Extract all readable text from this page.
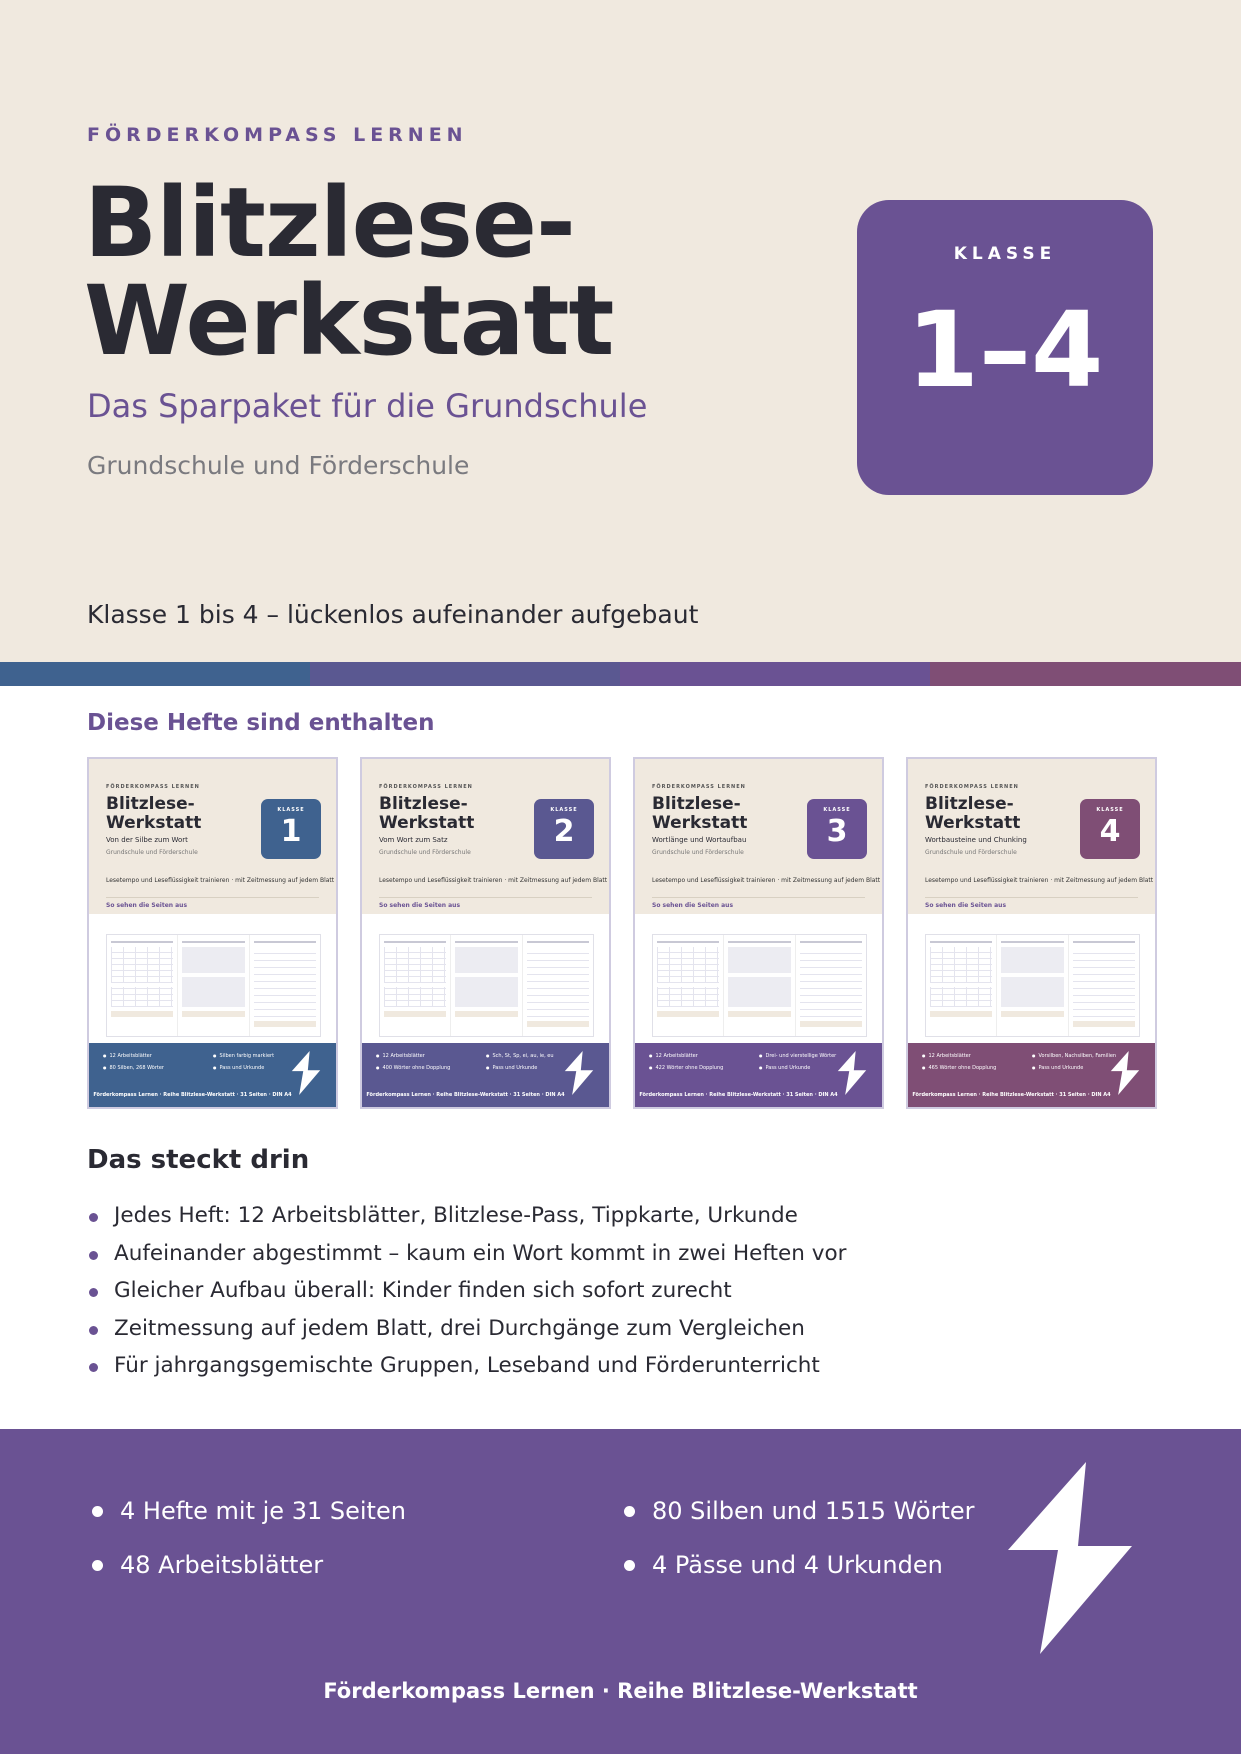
FÖRDERKOMPASS LERNEN
Blitzlese-
Werkstatt
Das Sparpaket für die Grundschule
Grundschule und Förderschule
Klasse 1 bis 4 – lückenlos aufeinander aufgebaut
KLASSE
1–4
Diese Hefte sind enthalten
FÖRDERKOMPASS LERNEN
Blitzlese-
Werkstatt
Von der Silbe zum Wort
Grundschule und Förderschule
KLASSE
1
Lesetempo und Leseflüssigkeit trainieren · mit Zeitmessung auf jedem Blatt
So sehen die Seiten aus
● 12 Arbeitsblätter	● Silben farbig markiert
● 80 Silben, 268 Wörter	● Pass und Urkunde
Förderkompass Lernen · Reihe Blitzlese-Werkstatt · 31 Seiten · DIN A4
FÖRDERKOMPASS LERNEN
Blitzlese-
Werkstatt
Vom Wort zum Satz
Grundschule und Förderschule
KLASSE
2
Lesetempo und Leseflüssigkeit trainieren · mit Zeitmessung auf jedem Blatt
So sehen die Seiten aus
● 12 Arbeitsblätter	● Sch, St, Sp, ei, au, ie, eu
● 400 Wörter ohne Dopplung	● Pass und Urkunde
Förderkompass Lernen · Reihe Blitzlese-Werkstatt · 31 Seiten · DIN A4
FÖRDERKOMPASS LERNEN
Blitzlese-
Werkstatt
Wortlänge und Wortaufbau
Grundschule und Förderschule
KLASSE
3
Lesetempo und Leseflüssigkeit trainieren · mit Zeitmessung auf jedem Blatt
So sehen die Seiten aus
● 12 Arbeitsblätter	● Drei- und vierstellige Wörter
● 422 Wörter ohne Dopplung	● Pass und Urkunde
Förderkompass Lernen · Reihe Blitzlese-Werkstatt · 31 Seiten · DIN A4
FÖRDERKOMPASS LERNEN
Blitzlese-
Werkstatt
Wortbausteine und Chunking
Grundschule und Förderschule
KLASSE
4
Lesetempo und Leseflüssigkeit trainieren · mit Zeitmessung auf jedem Blatt
So sehen die Seiten aus
● 12 Arbeitsblätter	● Vorsilben, Nachsilben, Familien
● 465 Wörter ohne Dopplung	● Pass und Urkunde
Förderkompass Lernen · Reihe Blitzlese-Werkstatt · 31 Seiten · DIN A4
Das steckt drin
Jedes Heft: 12 Arbeitsblätter, Blitzlese-Pass, Tippkarte, Urkunde
Aufeinander abgestimmt – kaum ein Wort kommt in zwei Heften vor
Gleicher Aufbau überall: Kinder finden sich sofort zurecht
Zeitmessung auf jedem Blatt, drei Durchgänge zum Vergleichen
Für jahrgangsgemischte Gruppen, Leseband und Förderunterricht
4 Hefte mit je 31 Seiten
48 Arbeitsblätter
80 Silben und 1515 Wörter
4 Pässe und 4 Urkunden
Förderkompass Lernen · Reihe Blitzlese-Werkstatt
